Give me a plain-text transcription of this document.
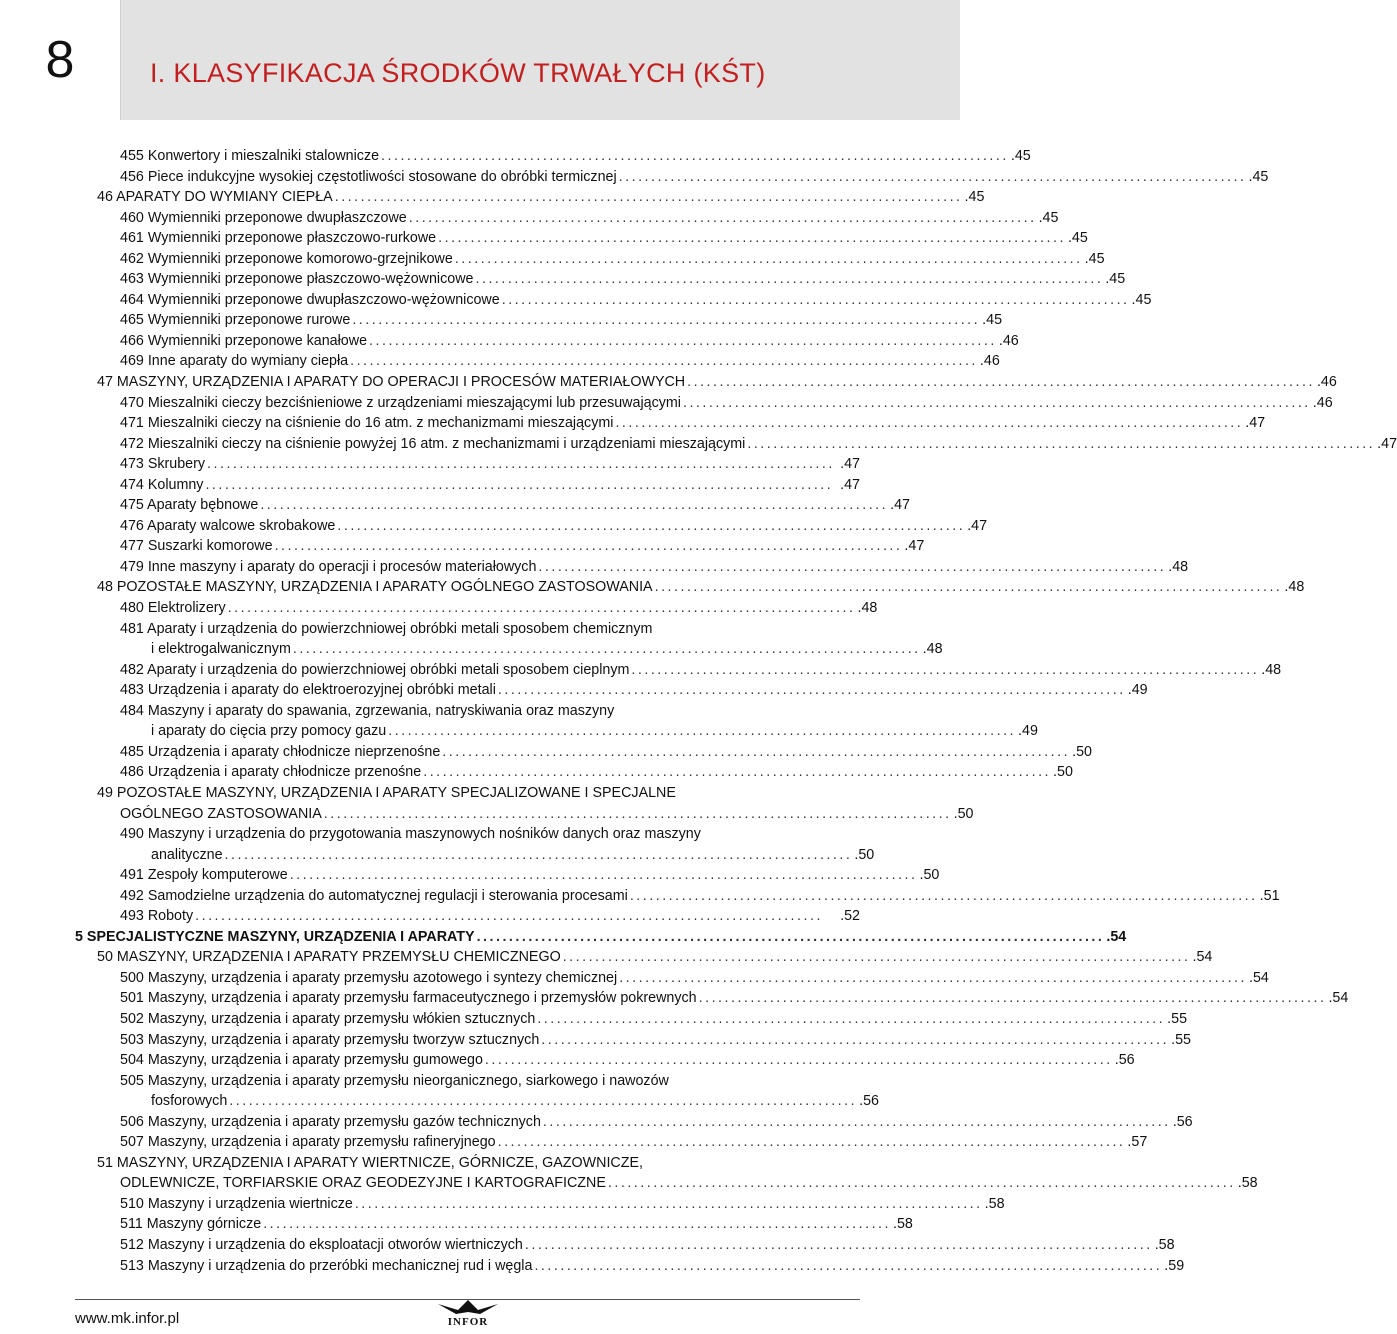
8	I. KLASYFIKACJA ŚRODKÓW TRWAŁYCH (KŚT)
455 Konwertory i mieszalniki stalownicze ................................................................................................. .45
456 Piece indukcyjne wysokiej częstotliwości stosowane do obróbki termicznej ................................................................................................. .45
46 APARATY DO WYMIANY CIEPŁA ................................................................................................. .45
460 Wymienniki przeponowe dwupłaszczowe ................................................................................................. .45
461 Wymienniki przeponowe płaszczowo-rurkowe ................................................................................................. .45
462 Wymienniki przeponowe komorowo-grzejnikowe ................................................................................................. .45
463 Wymienniki przeponowe płaszczowo-wężownicowe ................................................................................................. .45
464 Wymienniki przeponowe dwupłaszczowo-wężownicowe ................................................................................................. .45
465 Wymienniki przeponowe rurowe ................................................................................................. .45
466 Wymienniki przeponowe kanałowe ................................................................................................. .46
469 Inne aparaty do wymiany ciepła ................................................................................................. .46
47 MASZYNY, URZĄDZENIA I APARATY DO OPERACJI I PROCESÓW MATERIAŁOWYCH ................................................................................................. .46
470 Mieszalniki cieczy bezciśnieniowe z urządzeniami mieszającymi lub przesuwającymi ................................................................................................. .46
471 Mieszalniki cieczy na ciśnienie do 16 atm. z mechanizmami mieszającymi ................................................................................................. .47
472 Mieszalniki cieczy na ciśnienie powyżej 16 atm. z mechanizmami i urządzeniami mieszającymi ................................................................................................. .47
473 Skrubery ................................................................................................. .47
474 Kolumny ................................................................................................. .47
475 Aparaty bębnowe ................................................................................................. .47
476 Aparaty walcowe skrobakowe ................................................................................................. .47
477 Suszarki komorowe ................................................................................................. .47
479 Inne maszyny i aparaty do operacji i procesów materiałowych ................................................................................................. .48
48 POZOSTAŁE MASZYNY, URZĄDZENIA I APARATY OGÓLNEGO ZASTOSOWANIA ................................................................................................. .48
480 Elektrolizery ................................................................................................. .48
481 Aparaty i urządzenia do powierzchniowej obróbki metali sposobem chemicznym
i elektrogalwanicznym ................................................................................................. .48
482 Aparaty i urządzenia do powierzchniowej obróbki metali sposobem cieplnym ................................................................................................. .48
483 Urządzenia i aparaty do elektroerozyjnej obróbki metali ................................................................................................. .49
484 Maszyny i aparaty do spawania, zgrzewania, natryskiwania oraz maszyny
i aparaty do cięcia przy pomocy gazu ................................................................................................. .49
485 Urządzenia i aparaty chłodnicze nieprzenośne ................................................................................................. .50
486 Urządzenia i aparaty chłodnicze przenośne ................................................................................................. .50
49 POZOSTAŁE MASZYNY, URZĄDZENIA I APARATY SPECJALIZOWANE I SPECJALNE
OGÓLNEGO ZASTOSOWANIA ................................................................................................. .50
490 Maszyny i urządzenia do przygotowania maszynowych nośników danych oraz maszyny
analityczne ................................................................................................. .50
491 Zespoły komputerowe ................................................................................................. .50
492 Samodzielne urządzenia do automatycznej regulacji i sterowania procesami ................................................................................................. .51
493 Roboty .................................................................................................	.52
5 SPECJALISTYCZNE MASZYNY, URZĄDZENIA I APARATY ................................................................................................. .54
50 MASZYNY, URZĄDZENIA I APARATY PRZEMYSŁU CHEMICZNEGO ................................................................................................. .54
500 Maszyny, urządzenia i aparaty przemysłu azotowego i syntezy chemicznej ................................................................................................. .54
501 Maszyny, urządzenia i aparaty przemysłu farmaceutycznego i przemysłów pokrewnych ................................................................................................. .54
502 Maszyny, urządzenia i aparaty przemysłu włókien sztucznych ................................................................................................. .55
503 Maszyny, urządzenia i aparaty przemysłu tworzyw sztucznych ................................................................................................. .55
504 Maszyny, urządzenia i aparaty przemysłu gumowego ................................................................................................. .56
505 Maszyny, urządzenia i aparaty przemysłu nieorganicznego, siarkowego i nawozów
fosforowych ................................................................................................. .56
506 Maszyny, urządzenia i aparaty przemysłu gazów technicznych ................................................................................................. .56
507 Maszyny, urządzenia i aparaty przemysłu rafineryjnego ................................................................................................. .57
51 MASZYNY, URZĄDZENIA I APARATY WIERTNICZE, GÓRNICZE, GAZOWNICZE,
ODLEWNICZE, TORFIARSKIE ORAZ GEODEZYJNE I KARTOGRAFICZNE ................................................................................................. .58
510 Maszyny i urządzenia wiertnicze ................................................................................................. .58
511 Maszyny górnicze ................................................................................................. .58
512 Maszyny i urządzenia do eksploatacji otworów wiertniczych ................................................................................................. .58
513 Maszyny i urządzenia do przeróbki mechanicznej rud i węgla ................................................................................................. .59
www.mk.infor.pl	INFOR
